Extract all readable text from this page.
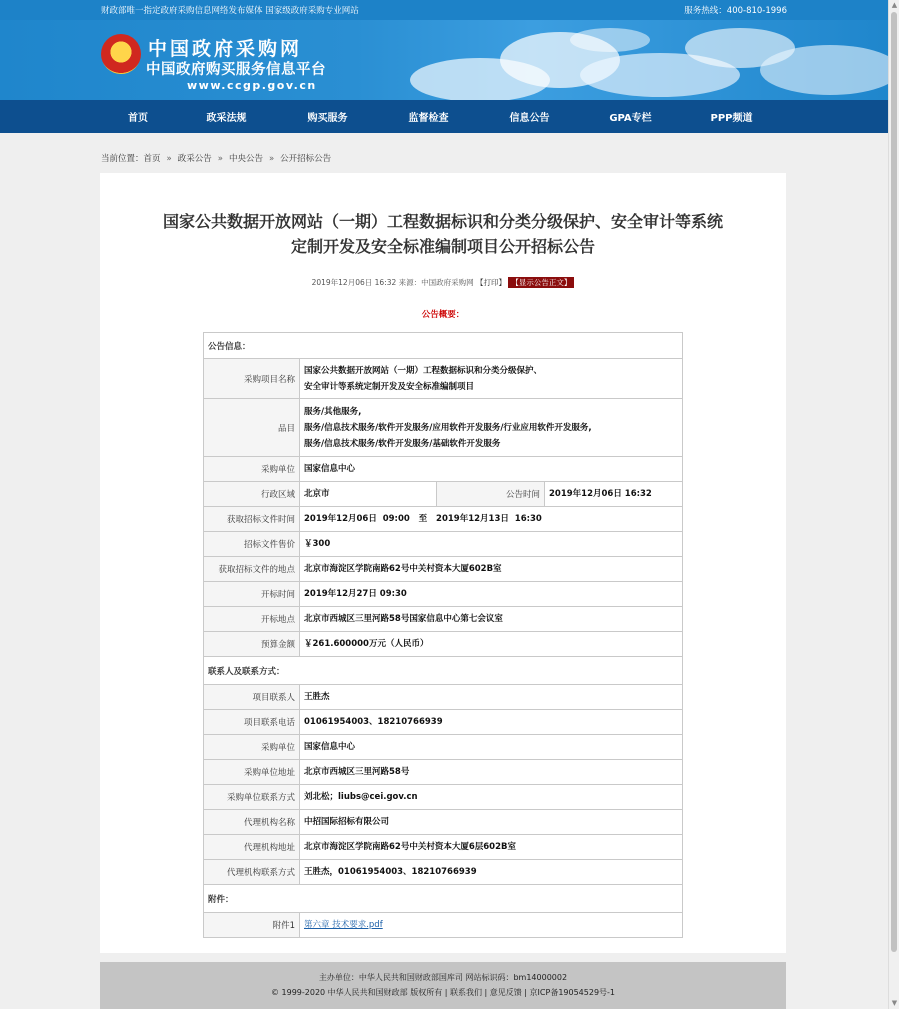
财政部唯一指定政府采购信息网络发布媒体 国家级政府采购专业网站	服务热线：400-810-1996
中国政府采购网
中国政府购买服务信息平台
www.ccgp.gov.cn
首页	政采法规	购买服务	监督检查	信息公告	GPA专栏	PPP频道
当前位置：首页 » 政采公告 » 中央公告 » 公开招标公告
国家公共数据开放网站（一期）工程数据标识和分类分级保护、安全审计等系统
定制开发及安全标准编制项目公开招标公告
2019年12月06日 16:32 来源：中国政府采购网 【打印】 【显示公告正文】
公告概要：
公告信息：			
采购项目名称	国家公共数据开放网站（一期）工程数据标识和分类分级保护、
安全审计等系统定制开发及安全标准编制项目		

品目	服务/其他服务,
服务/信息技术服务/软件开发服务/应用软件开发服务/行业应用软件开发服务,
服务/信息技术服务/软件开发服务/基础软件开发服务		

采购单位	国家信息中心		
行政区域	北京市	公告时间	2019年12月06日 16:32
获取招标文件时间	2019年12月06日  09:00   至   2019年12月13日  16:30		
招标文件售价	￥300		
获取招标文件的地点	北京市海淀区学院南路62号中关村资本大厦602B室		
开标时间	2019年12月27日 09:30		
开标地点	北京市西城区三里河路58号国家信息中心第七会议室		
预算金额	￥261.600000万元（人民币）		
联系人及联系方式：			
项目联系人	王胜杰		
项目联系电话	01061954003、18210766939		
采购单位	国家信息中心		
采购单位地址	北京市西城区三里河路58号		
采购单位联系方式	刘北松；liubs@cei.gov.cn		
代理机构名称	中招国际招标有限公司		
代理机构地址	北京市海淀区学院南路62号中关村资本大厦6层602B室		
代理机构联系方式	王胜杰，01061954003、18210766939		
附件：			
附件1	第六章 技术要求.pdf		
主办单位：中华人民共和国财政部国库司 网站标识码：bm14000002
© 1999-2020 中华人民共和国财政部 版权所有 | 联系我们 | 意见反馈 | 京ICP备19054529号-1
▲
▼
